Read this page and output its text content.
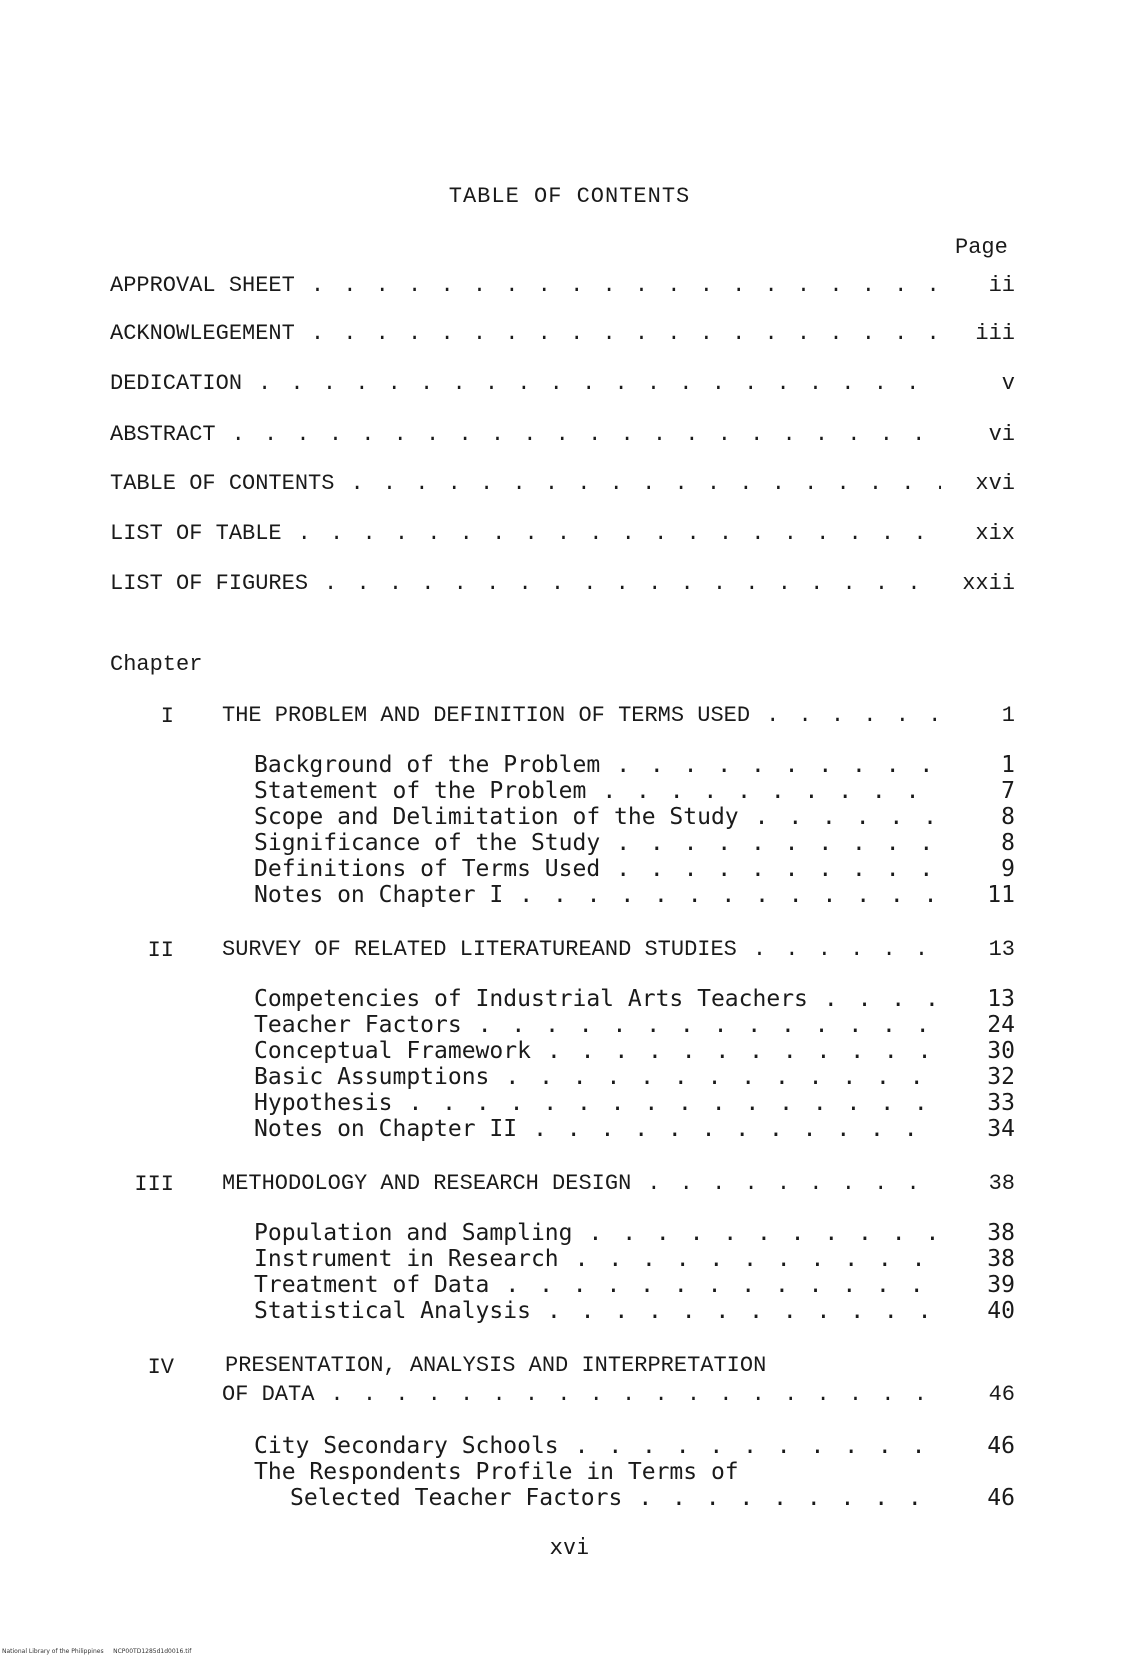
TABLE OF CONTENTS
Page
APPROVAL SHEET . . .	ii
ACKNOWLEGEMENT . . .	iii
DEDICATION . . .	v
ABSTRACT . . .	vi
TABLE OF CONTENTS . . .	xvi
LIST OF TABLE . . .	xix
LIST OF FIGURES . . .	xxii
Chapter
I THE PROBLEM AND DEFINITION OF TERMS USED . . .	1
Background of the Problem . . .	1
Statement of the Problem . . .	7
Scope and Delimitation of the Study . . .	8
Significance of the Study . . .	8
Definitions of Terms Used . . .	9
Notes on Chapter I . . .	11
II SURVEY OF RELATED LITERATUREAND STUDIES . . .	13
Competencies of Industrial Arts Teachers . . .	13
Teacher Factors . . .	24
Conceptual Framework . . .	30
Basic Assumptions . . .	32
Hypothesis . . .	33
Notes on Chapter II . . .	34
III METHODOLOGY AND RESEARCH DESIGN . . .	38
Population and Sampling . . .	38
Instrument in Research . . .	38
Treatment of Data . . .	39
Statistical Analysis . . .	40
IV PRESENTATION, ANALYSIS AND INTERPRETATION
OF DATA . . .	46
City Secondary Schools . . .	46
The Respondents Profile in Terms of
Selected Teacher Factors . . .	46
xvi
National Library of the Philippines     NCP00TD1285d1d0016.tif
